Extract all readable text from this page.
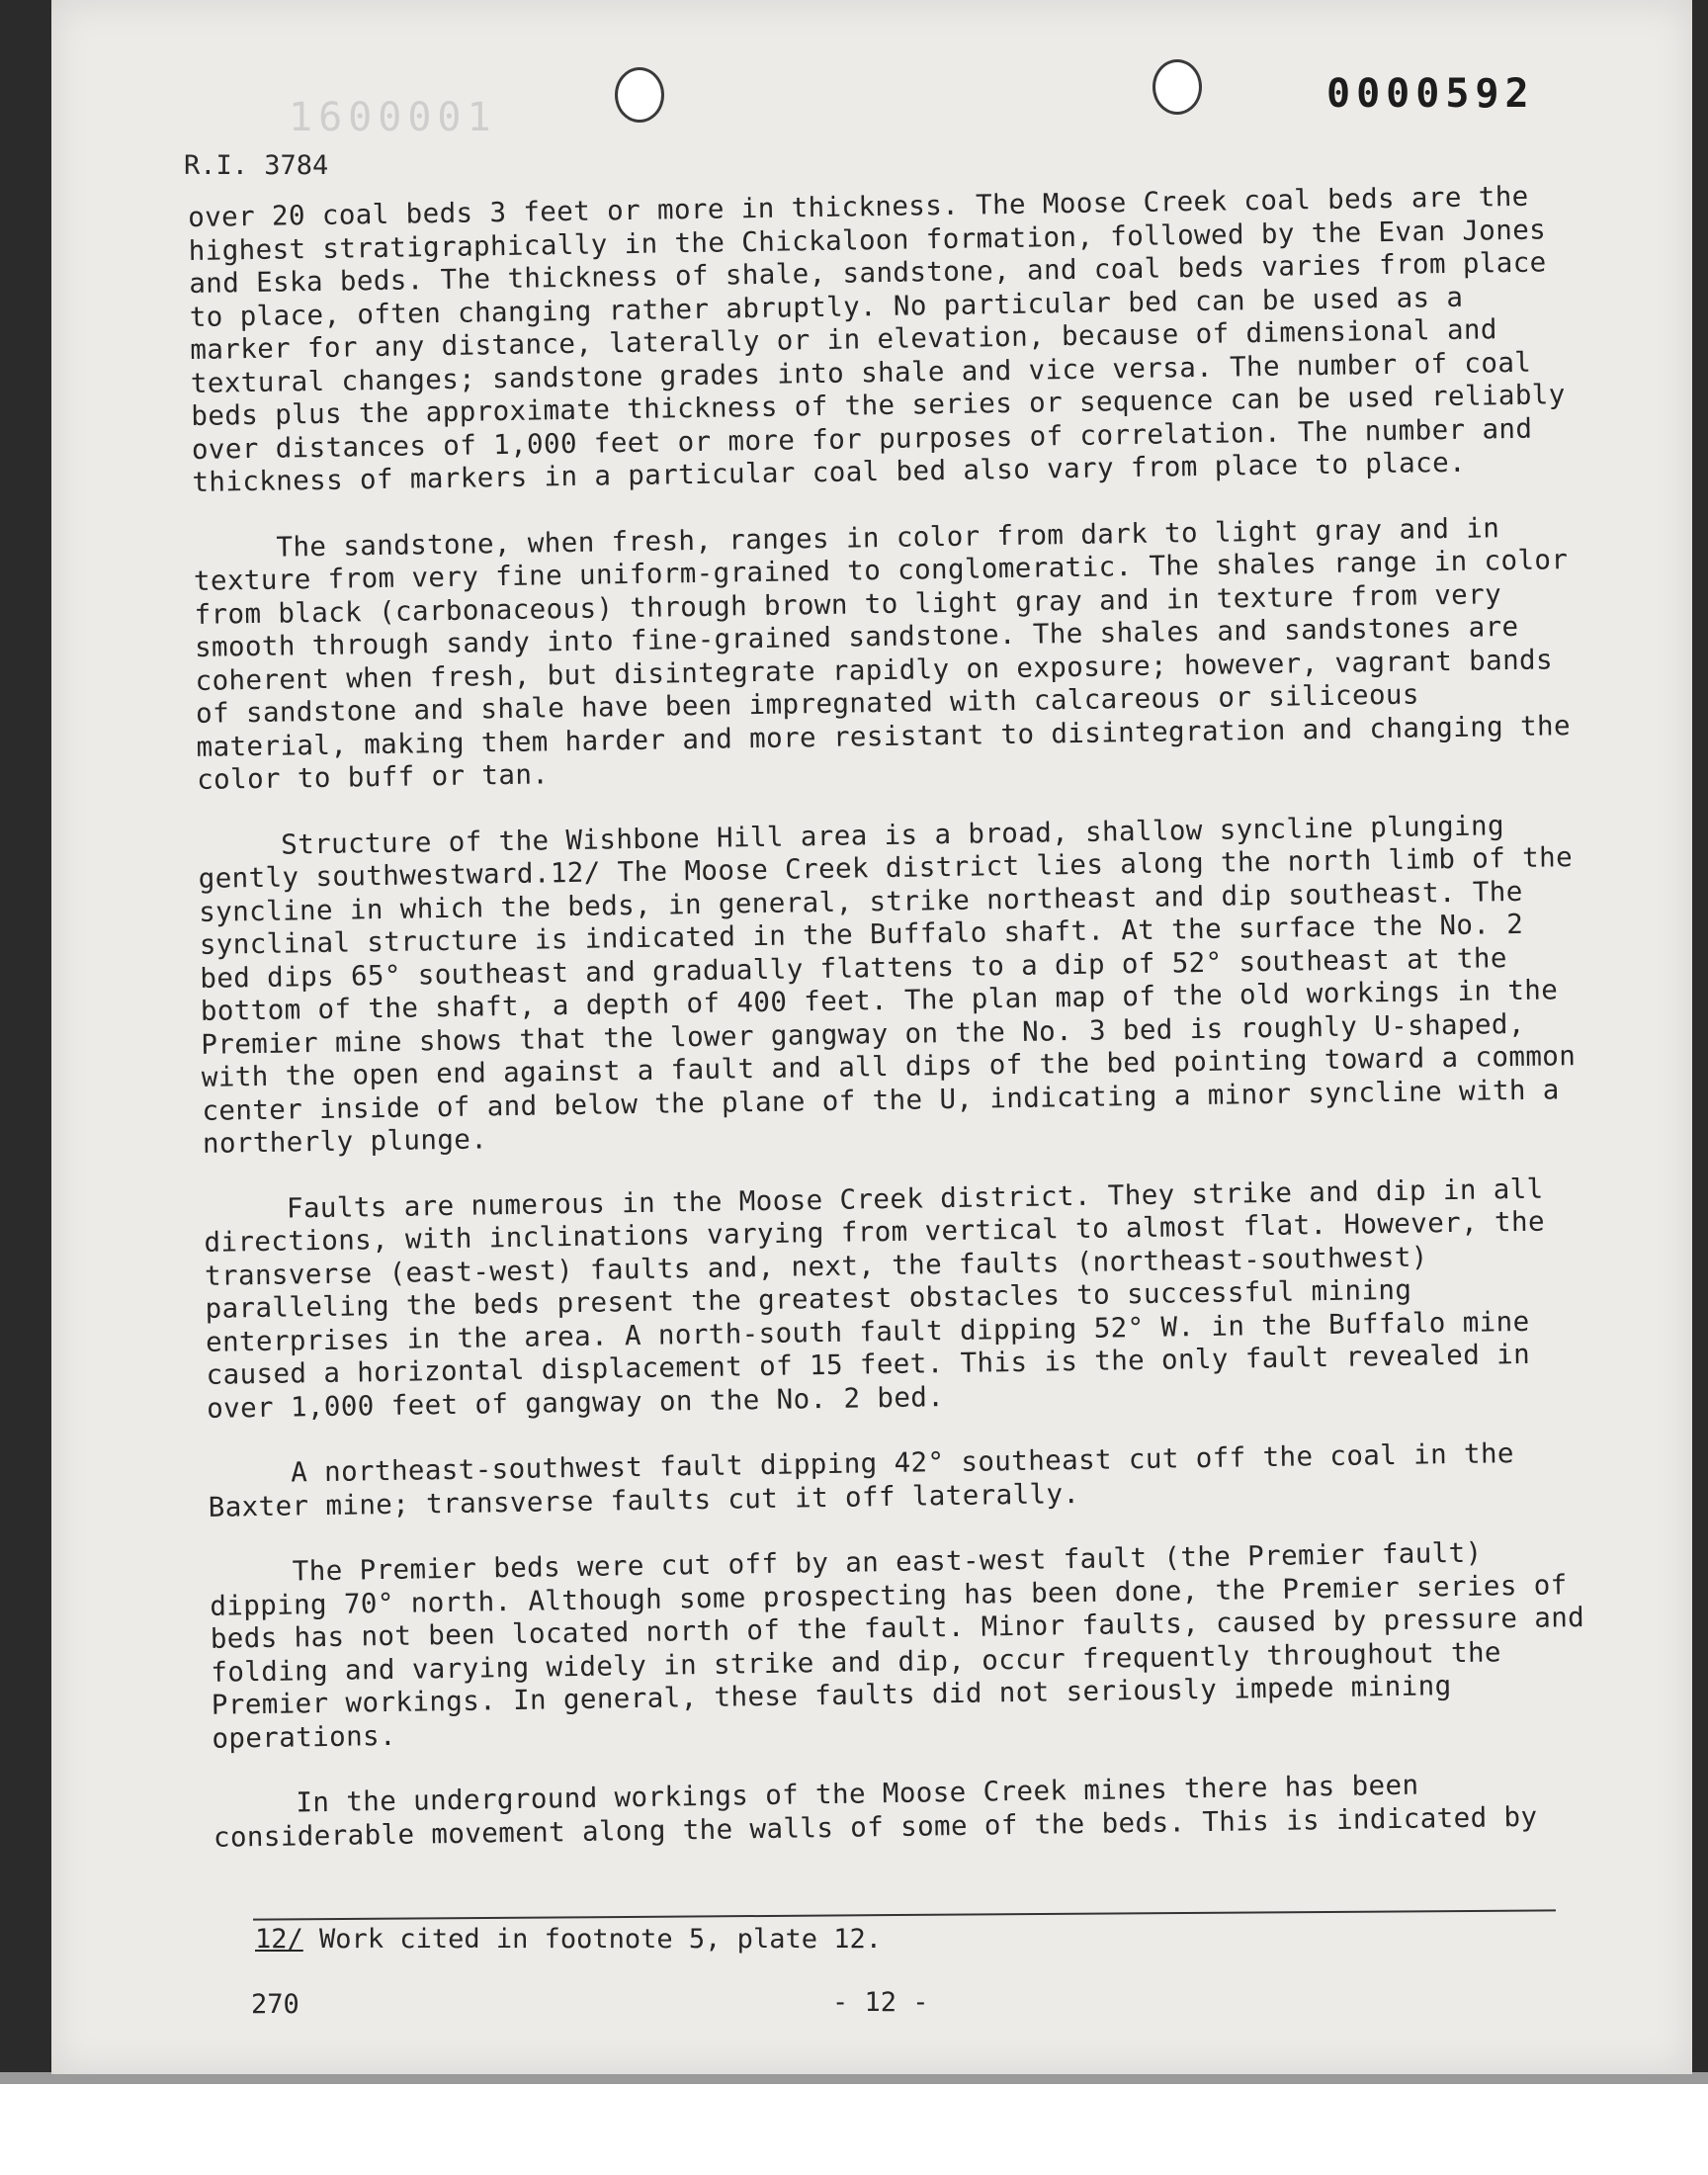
1600001
0000592
R.I. 3784

over 20 coal beds 3 feet or more in thickness. The Moose Creek coal beds are the highest stratigraphically in the Chickaloon formation, followed by the Evan Jones and Eska beds. The thickness of shale, sandstone, and coal beds varies from place to place, often changing rather abruptly. No particular bed can be used as a marker for any distance, laterally or in elevation, because of dimensional and textural changes; sandstone grades into shale and vice versa. The number of coal beds plus the approximate thickness of the series or sequence can be used reliably over distances of 1,000 feet or more for purposes of correlation. The number and thickness of markers in a particular coal bed also vary from place to place.

The sandstone, when fresh, ranges in color from dark to light gray and in texture from very fine uniform-grained to conglomeratic. The shales range in color from black (carbonaceous) through brown to light gray and in texture from very smooth through sandy into fine-grained sandstone. The shales and sandstones are coherent when fresh, but disintegrate rapidly on exposure; however, vagrant bands of sandstone and shale have been impregnated with calcareous or siliceous material, making them harder and more resistant to disintegration and changing the color to buff or tan.

Structure of the Wishbone Hill area is a broad, shallow syncline plunging gently southwestward.12/ The Moose Creek district lies along the north limb of the syncline in which the beds, in general, strike northeast and dip southeast. The synclinal structure is indicated in the Buffalo shaft. At the surface the No. 2 bed dips 65° southeast and gradually flattens to a dip of 52° southeast at the bottom of the shaft, a depth of 400 feet. The plan map of the old workings in the Premier mine shows that the lower gangway on the No. 3 bed is roughly U-shaped, with the open end against a fault and all dips of the bed pointing toward a common center inside of and below the plane of the U, indicating a minor syncline with a northerly plunge.

Faults are numerous in the Moose Creek district. They strike and dip in all directions, with inclinations varying from vertical to almost flat. However, the transverse (east-west) faults and, next, the faults (northeast-southwest) paralleling the beds present the greatest obstacles to successful mining enterprises in the area. A north-south fault dipping 52° W. in the Buffalo mine caused a horizontal displacement of 15 feet. This is the only fault revealed in over 1,000 feet of gangway on the No. 2 bed.

A northeast-southwest fault dipping 42° southeast cut off the coal in the Baxter mine; transverse faults cut it off laterally.

The Premier beds were cut off by an east-west fault (the Premier fault) dipping 70° north. Although some prospecting has been done, the Premier series of beds has not been located north of the fault. Minor faults, caused by pressure and folding and varying widely in strike and dip, occur frequently throughout the Premier workings. In general, these faults did not seriously impede mining operations.

In the underground workings of the Moose Creek mines there has been considerable movement along the walls of some of the beds. This is indicated by

12/ Work cited in footnote 5, plate 12.
270	- 12 -
